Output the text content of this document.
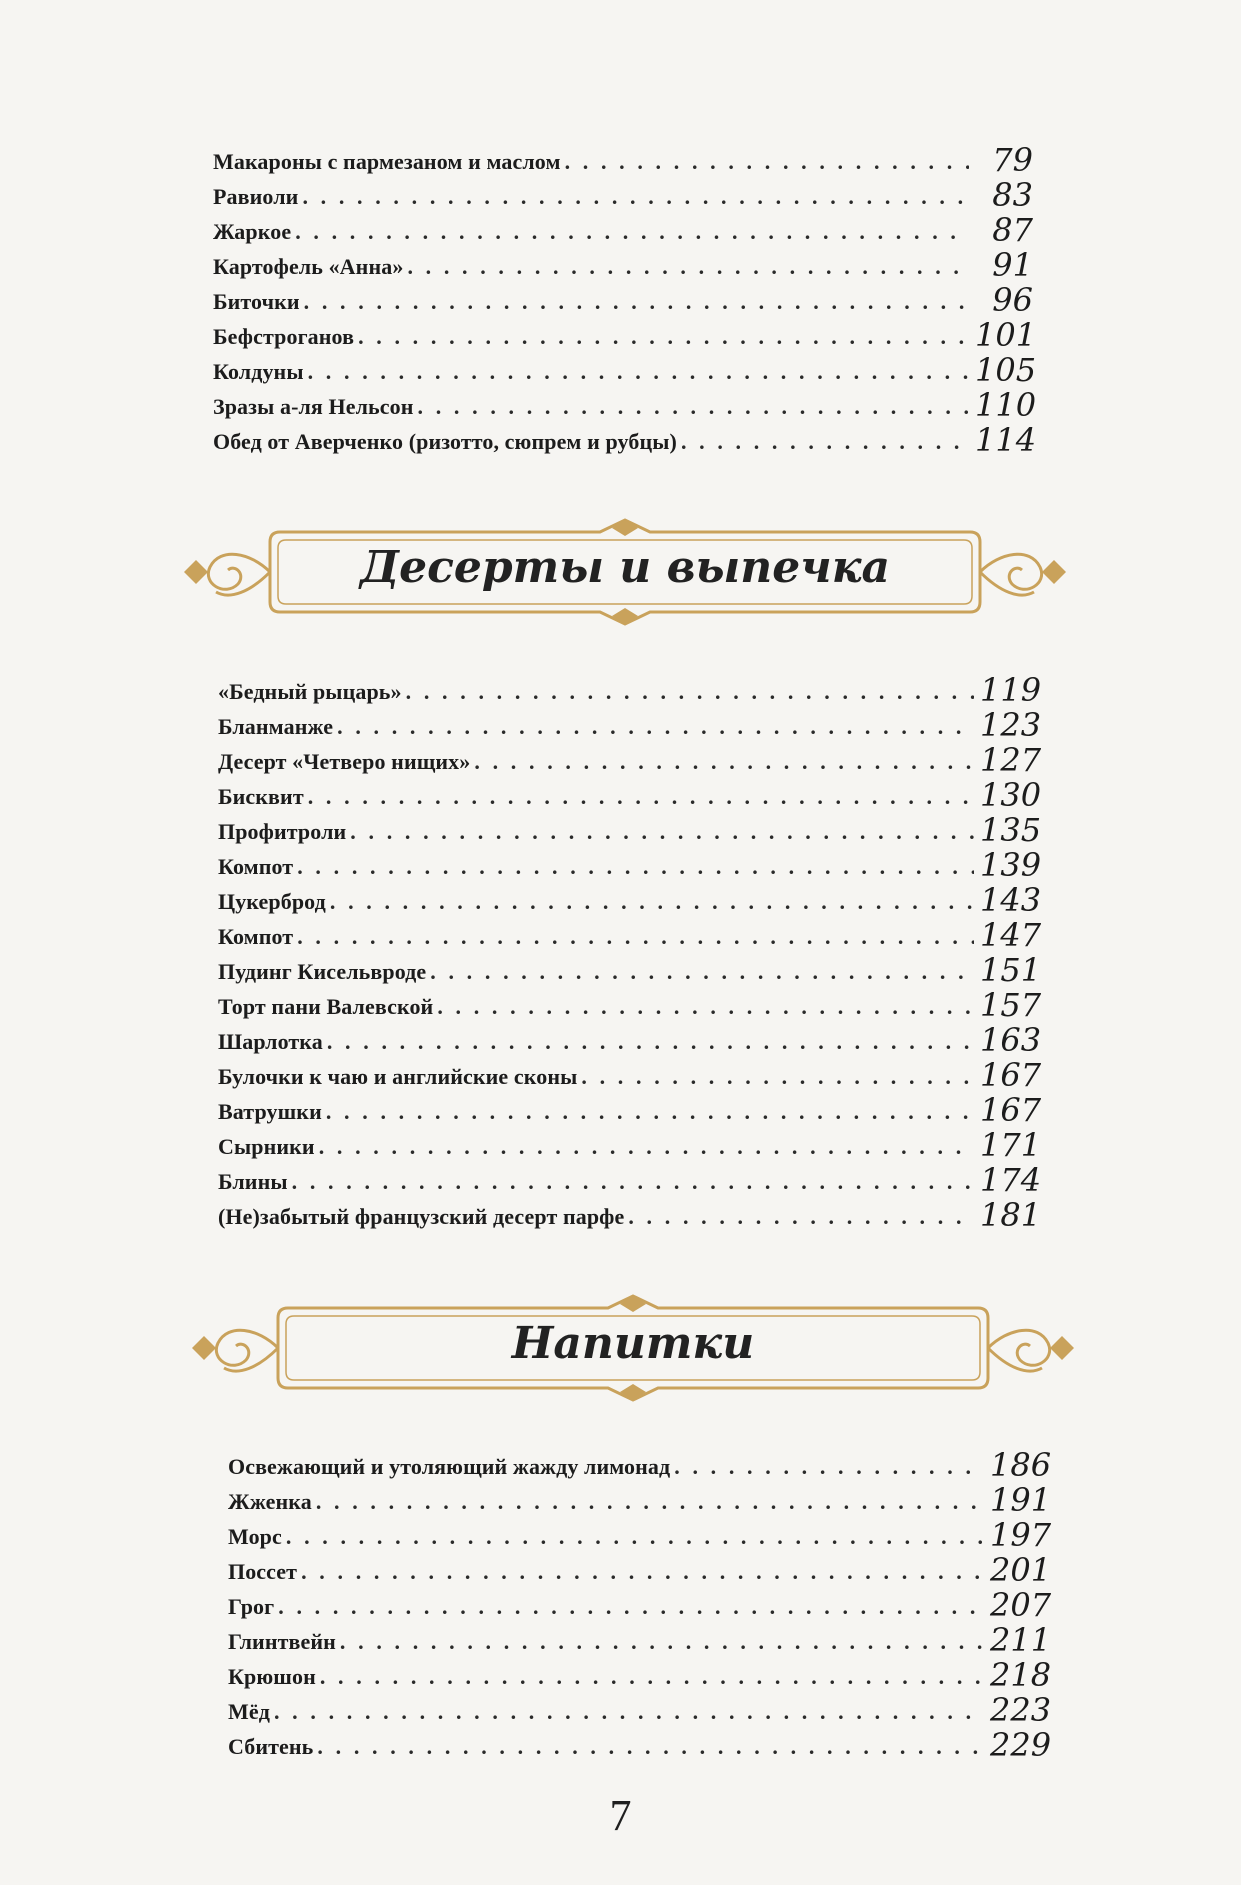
Макароны с пармезаном и маслом . . .	79
Равиоли . . .	83
Жаркое . . .	87
Картофель «Анна» . . .	91
Биточки . . .	96
Бефстроганов . . .	101
Колдуны . . .	105
Зразы а-ля Нельсон . . .	110
Обед от Аверченко (ризотто, сюпрем и рубцы) . . .	114
Десерты и выпечка
«Бедный рыцарь» . . .	119
Бланманже . . .	123
Десерт «Четверо нищих» . . .	127
Бисквит . . .	130
Профитроли . . .	135
Компот . . .	139
Цукерброд . . .	143
Компот . . .	147
Пудинг Кисельвроде . . .	151
Торт пани Валевской . . .	157
Шарлотка . . .	163
Булочки к чаю и английские сконы . . .	167
Ватрушки . . .	167
Сырники . . .	171
Блины . . .	174
(Не)забытый французский десерт парфе . . .	181
Напитки
Освежающий и утоляющий жажду лимонад . . .	186
Жженка . . .	191
Морс . . .	197
Поссет . . .	201
Грог . . .	207
Глинтвейн . . .	211
Крюшон . . .	218
Мёд . . .	223
Сбитень . . .	229
7
